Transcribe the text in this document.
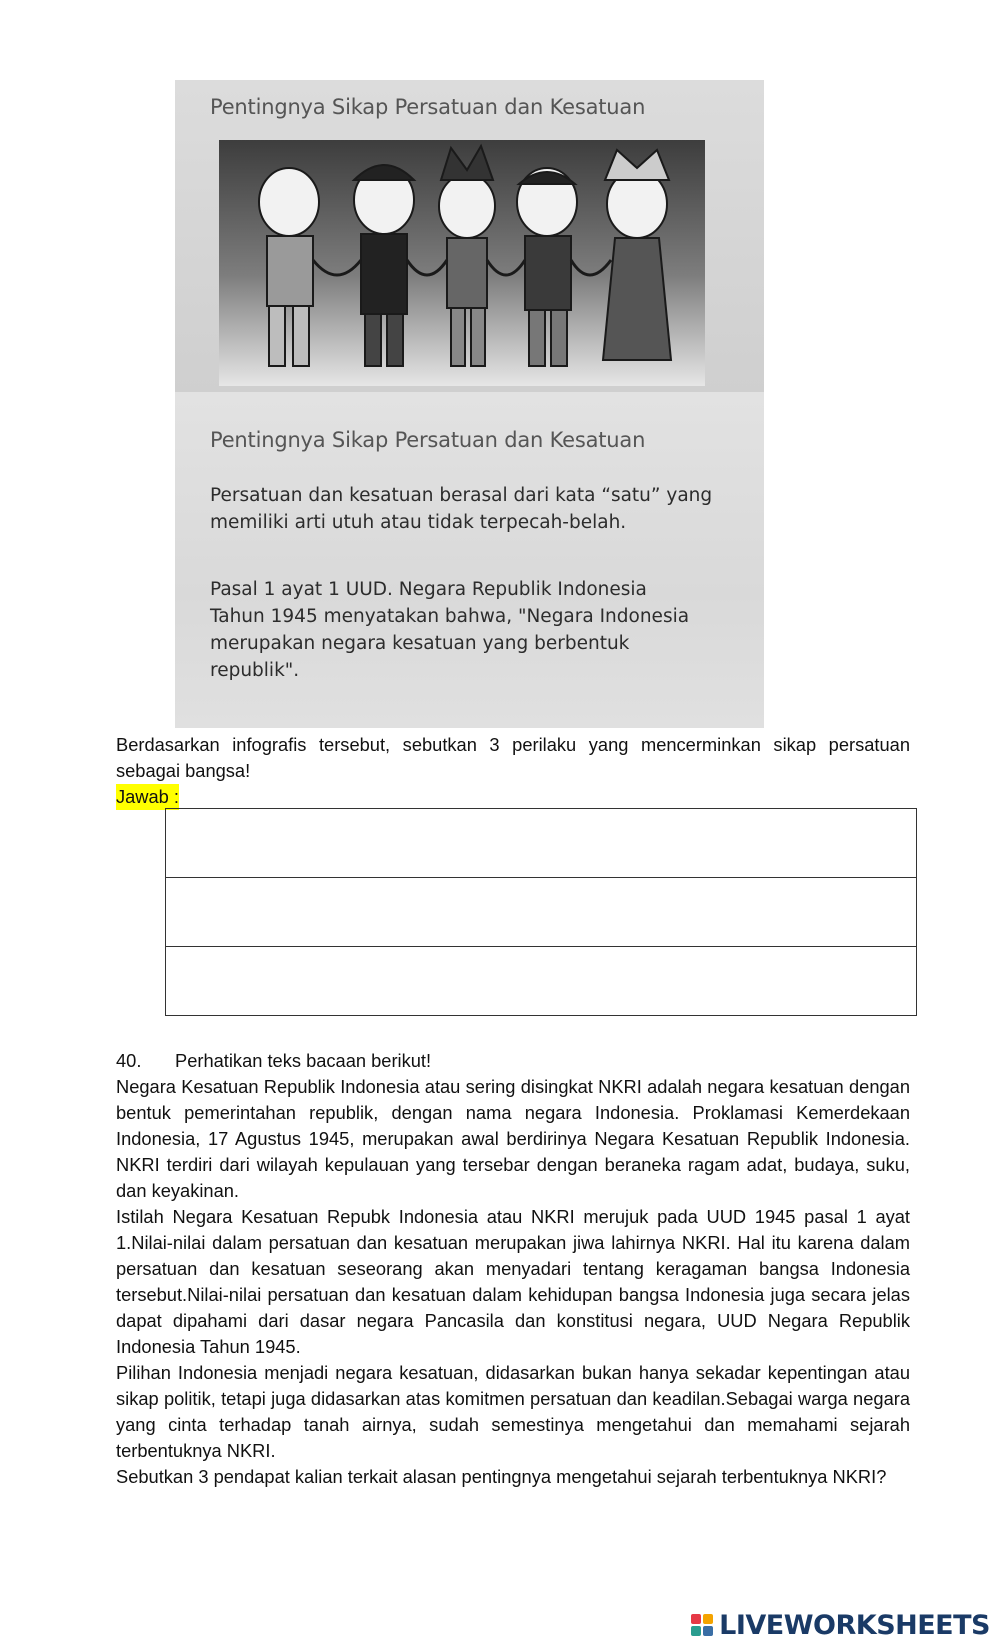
Pentingnya Sikap Persatuan dan Kesatuan
Pentingnya Sikap Persatuan dan Kesatuan
Persatuan dan kesatuan berasal dari kata “satu” yang memiliki arti utuh atau tidak terpecah-belah.
Pasal 1 ayat 1 UUD. Negara Republik Indonesia Tahun 1945 menyatakan bahwa, "Negara Indonesia merupakan negara kesatuan yang berbentuk republik".
Berdasarkan infografis tersebut, sebutkan 3 perilaku yang mencerminkan sikap persatuan sebagai bangsa!
Jawab :

40. Perhatikan teks bacaan berikut!
Negara Kesatuan Republik Indonesia atau sering disingkat NKRI adalah negara kesatuan dengan bentuk pemerintahan republik, dengan nama negara Indonesia. Proklamasi Kemerdekaan Indonesia, 17 Agustus 1945, merupakan awal berdirinya Negara Kesatuan Republik Indonesia. NKRI terdiri dari wilayah kepulauan yang tersebar dengan beraneka ragam adat, budaya, suku, dan keyakinan.
Istilah Negara Kesatuan Repubk Indonesia atau NKRI merujuk pada UUD 1945 pasal 1 ayat 1.Nilai-nilai dalam persatuan dan kesatuan merupakan jiwa lahirnya NKRI. Hal itu karena dalam persatuan dan kesatuan seseorang akan menyadari tentang keragaman bangsa Indonesia tersebut.Nilai-nilai persatuan dan kesatuan dalam kehidupan bangsa Indonesia juga secara jelas dapat dipahami dari dasar negara Pancasila dan konstitusi negara, UUD Negara Republik Indonesia Tahun 1945.
Pilihan Indonesia menjadi negara kesatuan, didasarkan bukan hanya sekadar kepentingan atau sikap politik, tetapi juga didasarkan atas komitmen persatuan dan keadilan.Sebagai warga negara yang cinta terhadap tanah airnya, sudah semestinya mengetahui dan memahami sejarah terbentuknya NKRI.
Sebutkan 3 pendapat kalian terkait alasan pentingnya mengetahui sejarah terbentuknya NKRI?
LIVEWORKSHEETS
